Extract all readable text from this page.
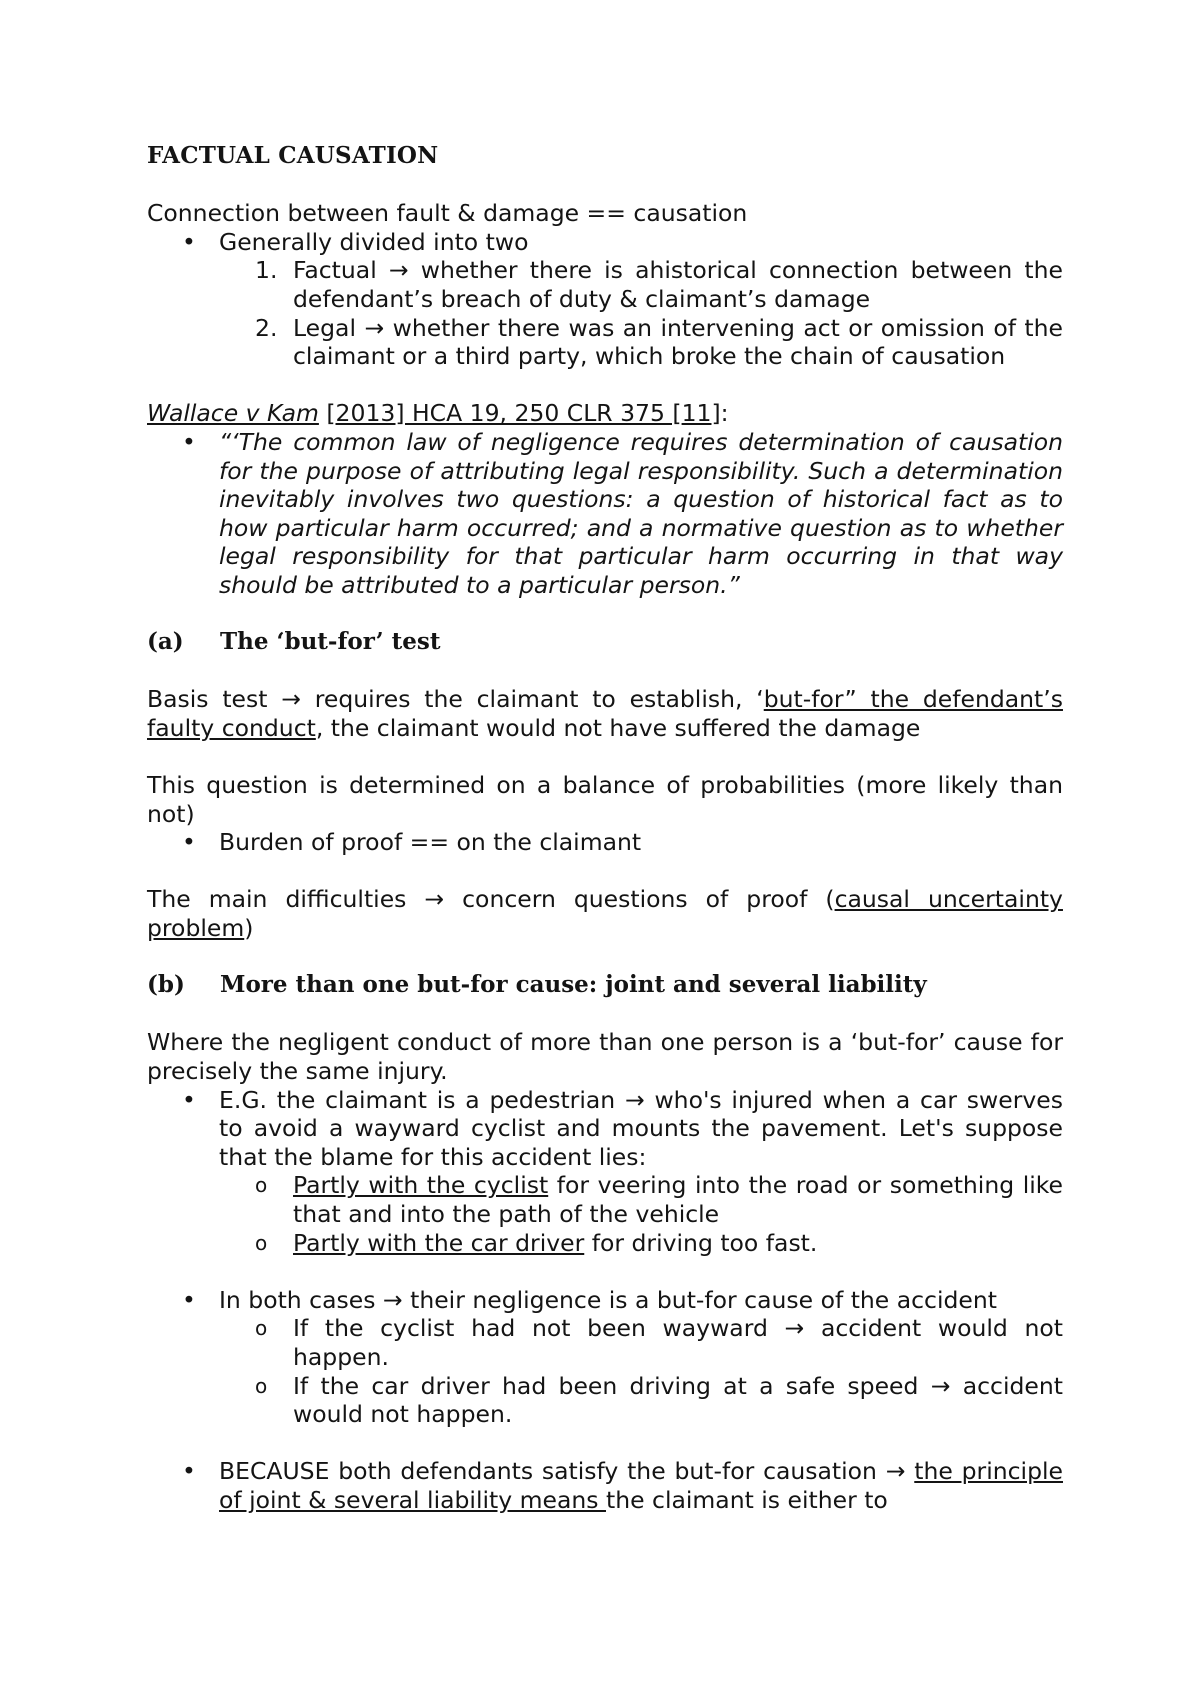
FACTUAL CAUSATION

Connection between fault & damage == causation

• Generally divided into two
1. Factual → whether there is ahistorical connection between the defendant’s breach of duty & claimant’s damage
2. Legal → whether there was an intervening act or omission of the claimant or a third party, which broke the chain of causation

Wallace v Kam [2013] HCA 19, 250 CLR 375 [11]:

• “‘The common law of negligence requires determination of causation for the purpose of attributing legal responsibility. Such a determination inevitably involves two questions: a question of historical fact as to how particular harm occurred; and a normative question as to whether legal responsibility for that particular harm occurring in that way should be attributed to a particular person.”

(a) The ‘but-for’ test

Basis test → requires the claimant to establish, ‘but-for” the defendant’s faulty conduct, the claimant would not have suffered the damage

This question is determined on a balance of probabilities (more likely than not)

• Burden of proof == on the claimant

The main difficulties → concern questions of proof (causal uncertainty problem)

(b) More than one but-for cause: joint and several liability

Where the negligent conduct of more than one person is a ‘but-for’ cause for precisely the same injury.

• E.G. the claimant is a pedestrian → who's injured when a car swerves to avoid a wayward cyclist and mounts the pavement. Let's suppose that the blame for this accident lies:
o Partly with the cyclist for veering into the road or something like that and into the path of the vehicle
o Partly with the car driver for driving too fast.
• In both cases → their negligence is a but-for cause of the accident
o If the cyclist had not been wayward → accident would not happen.
o If the car driver had been driving at a safe speed → accident would not happen.
• BECAUSE both defendants satisfy the but-for causation → the principle of joint & several liability means the claimant is either to
